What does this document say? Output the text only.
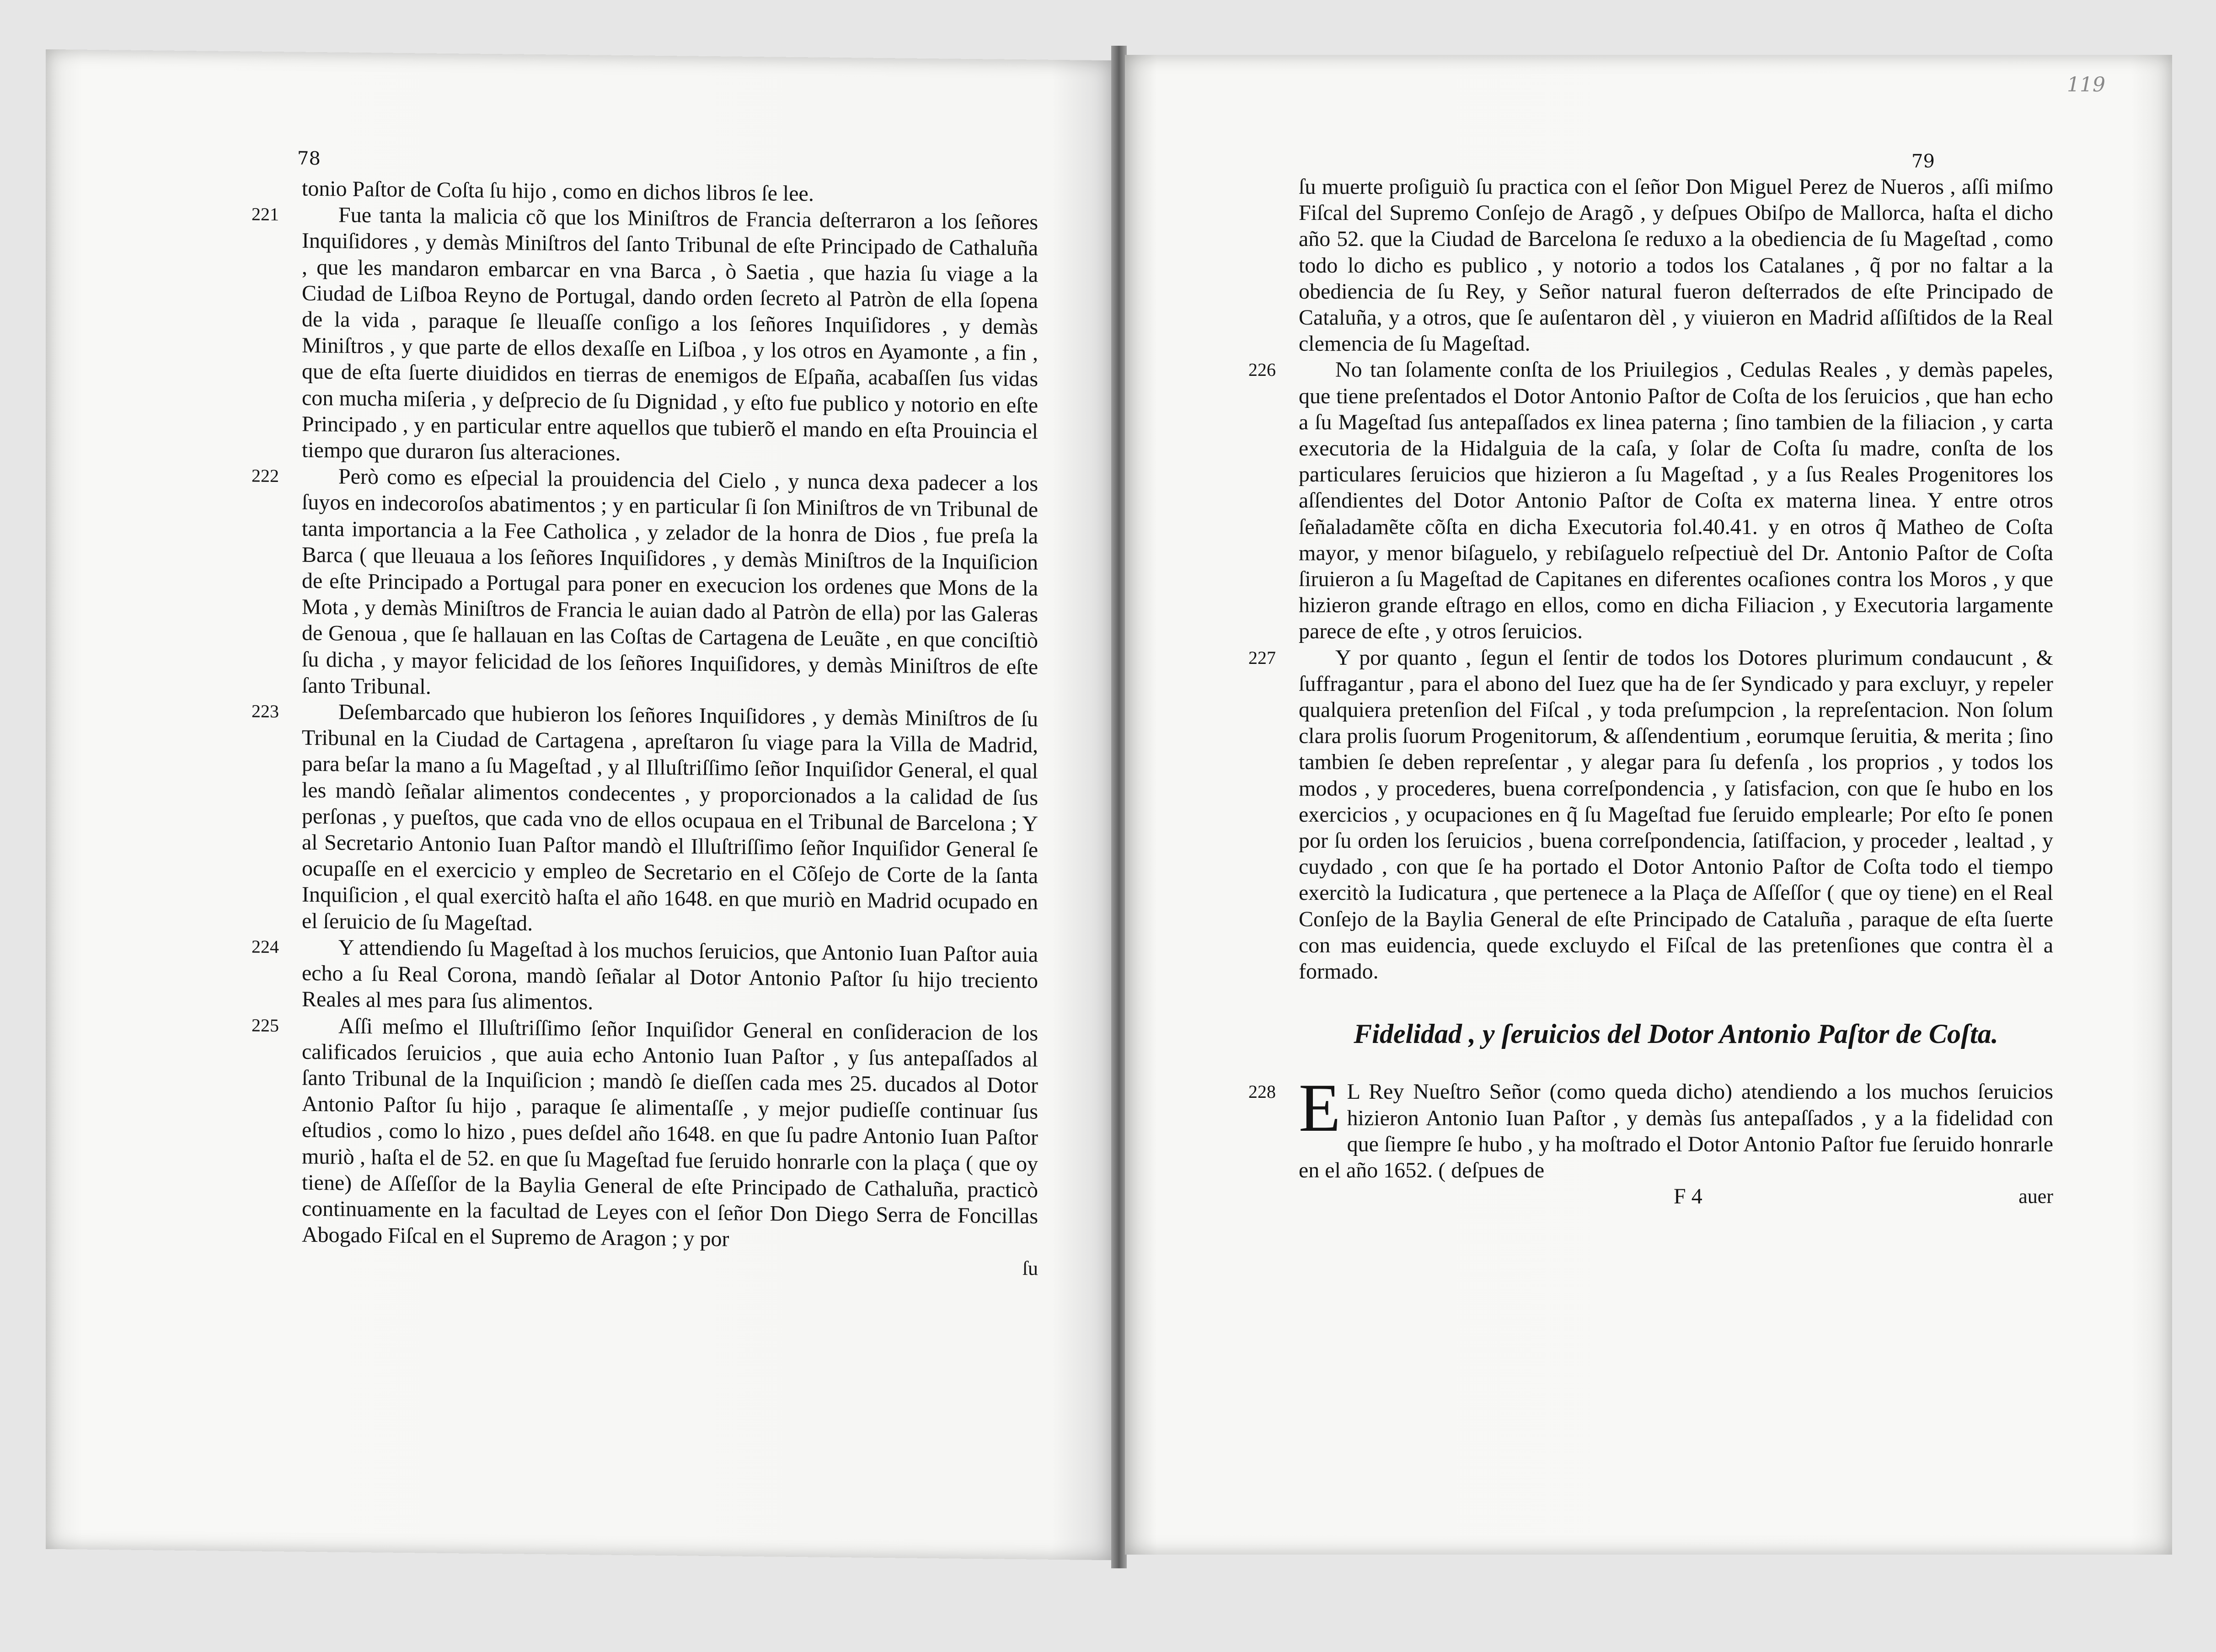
78

tonio Paſtor de Coſta ſu hijo , como en dichos libros ſe lee.

221	Fue tanta la malicia cõ que los Miniſtros de Francia deſterraron a los ſeñores Inquiſidores , y demàs Miniſtros del ſanto Tribunal de eſte Principado de Cathaluña , que les mandaron embarcar en vna Barca , ò Saetia , que hazia ſu viage a la Ciudad de Liſboa Reyno de Portugal, dando orden ſecreto al Patròn de ella ſopena de la vida , paraque ſe lleuaſſe conſigo a los ſeñores Inquiſidores , y demàs Miniſtros , y que parte de ellos dexaſſe en Liſboa , y los otros en Ayamonte , a fin , que de eſta ſuerte diuididos en tierras de enemigos de Eſpaña, acabaſſen ſus vidas con mucha miſeria , y deſprecio de ſu Dignidad , y eſto fue publico y notorio en eſte Principado , y en particular entre aquellos que tubierõ el mando en eſta Prouincia el tiempo que duraron ſus alteraciones.

222	Però como es eſpecial la prouidencia del Cielo , y nunca dexa padecer a los ſuyos en indecoroſos abatimentos ; y en particular ſi ſon Miniſtros de vn Tribunal de tanta importancia a la Fee Catholica , y zelador de la honra de Dios , fue preſa la Barca ( que lleuaua a los ſeñores Inquiſidores , y demàs Miniſtros de la Inquiſicion de eſte Principado a Portugal para poner en execucion los ordenes que Mons de la Mota , y demàs Miniſtros de Francia le auian dado al Patròn de ella) por las Galeras de Genoua , que ſe hallauan en las Coſtas de Cartagena de Leuãte , en que conciſtiò ſu dicha , y mayor felicidad de los ſeñores Inquiſidores, y demàs Miniſtros de eſte ſanto Tribunal.

223	Deſembarcado que hubieron los ſeñores Inquiſidores , y demàs Miniſtros de ſu Tribunal en la Ciudad de Cartagena , apreſtaron ſu viage para la Villa de Madrid, para beſar la mano a ſu Mageſtad , y al Illuſtriſſimo ſeñor Inquiſidor General, el qual les mandò ſeñalar alimentos condecentes , y proporcionados a la calidad de ſus perſonas , y pueſtos, que cada vno de ellos ocupaua en el Tribunal de Barcelona ; Y al Secretario Antonio Iuan Paſtor mandò el Illuſtriſſimo ſeñor Inquiſidor General ſe ocupaſſe en el exercicio y empleo de Secretario en el Cõſejo de Corte de la ſanta Inquiſicion , el qual exercitò haſta el año 1648. en que muriò en Madrid ocupado en el ſeruicio de ſu Mageſtad.

224	Y attendiendo ſu Mageſtad à los muchos ſeruicios, que Antonio Iuan Paſtor auia echo a ſu Real Corona, mandò ſeñalar al Dotor Antonio Paſtor ſu hijo treciento Reales al mes para ſus alimentos.

225	Aſſi meſmo el Illuſtriſſimo ſeñor Inquiſidor General en conſideracion de los calificados ſeruicios , que auia echo Antonio Iuan Paſtor , y ſus antepaſſados al ſanto Tribunal de la Inquiſicion ; mandò ſe dieſſen cada mes 25. ducados al Dotor Antonio Paſtor ſu hijo , paraque ſe alimentaſſe , y mejor pudieſſe continuar ſus eſtudios , como lo hizo , pues deſdel año 1648. en que ſu padre Antonio Iuan Paſtor muriò , haſta el de 52. en que ſu Mageſtad fue ſeruido honrarle con la plaça ( que oy tiene) de Aſſeſſor de la Baylia General de eſte Principado de Cathaluña, practicò continuamente en la facultad de Leyes con el ſeñor Don Diego Serra de Foncillas Abogado Fiſcal en el Supremo de Aragon ; y por

ſu
119
79

ſu muerte proſiguiò ſu practica con el ſeñor Don Miguel Perez de Nueros , aſſi miſmo Fiſcal del Supremo Conſejo de Aragõ , y deſpues Obiſpo de Mallorca, haſta el dicho año 52. que la Ciudad de Barcelona ſe reduxo a la obediencia de ſu Mageſtad , como todo lo dicho es publico , y notorio a todos los Catalanes , q̃ por no faltar a la obediencia de ſu Rey, y Señor natural fueron deſterrados de eſte Principado de Cataluña, y a otros, que ſe auſentaron dèl , y viuieron en Madrid aſſiſtidos de la Real clemencia de ſu Mageſtad.

226	No tan ſolamente conſta de los Priuilegios , Cedulas Reales , y demàs papeles, que tiene preſentados el Dotor Antonio Paſtor de Coſta de los ſeruicios , que han echo a ſu Mageſtad ſus antepaſſados ex linea paterna ; ſino tambien de la filiacion , y carta executoria de la Hidalguia de la caſa, y ſolar de Coſta ſu madre, conſta de los particulares ſeruicios que hizieron a ſu Mageſtad , y a ſus Reales Progenitores los aſſendientes del Dotor Antonio Paſtor de Coſta ex materna linea. Y entre otros ſeñaladamẽte cõſta en dicha Executoria fol.40.41. y en otros q̃ Matheo de Coſta mayor, y menor biſaguelo, y rebiſaguelo reſpectiuè del Dr. Antonio Paſtor de Coſta ſiruieron a ſu Mageſtad de Capitanes en diferentes ocaſiones contra los Moros , y que hizieron grande eſtrago en ellos, como en dicha Filiacion , y Executoria largamente parece de eſte , y otros ſeruicios.

227	Y por quanto , ſegun el ſentir de todos los Dotores plurimum condaucunt , & ſuffragantur , para el abono del Iuez que ha de ſer Syndicado y para excluyr, y repeler qualquiera pretenſion del Fiſcal , y toda preſumpcion , la repreſentacion. Non ſolum clara prolis ſuorum Progenitorum, & aſſendentium , eorumque ſeruitia, & merita ; ſino tambien ſe deben repreſentar , y alegar para ſu defenſa , los proprios , y todos los modos , y procederes, buena correſpondencia , y ſatisfacion, con que ſe hubo en los exercicios , y ocupaciones en q̃ ſu Mageſtad fue ſeruido emplearle; Por eſto ſe ponen por ſu orden los ſeruicios , buena correſpondencia, ſatiſfacion, y proceder , lealtad , y cuydado , con que ſe ha portado el Dotor Antonio Paſtor de Coſta todo el tiempo exercitò la Iudicatura , que pertenece a la Plaça de Aſſeſſor ( que oy tiene) en el Real Conſejo de la Baylia General de eſte Principado de Cataluña , paraque de eſta ſuerte con mas euidencia, quede excluydo el Fiſcal de las pretenſiones que contra èl a formado.

Fidelidad , y ſeruicios del Dotor Antonio Paſtor de Coſta.

228 E L Rey Nueſtro Señor (como queda dicho) atendiendo a los muchos ſeruicios hizieron Antonio Iuan Paſtor , y demàs ſus antepaſſados , y a la fidelidad con que ſiempre ſe hubo , y ha moſtrado el Dotor Antonio Paſtor fue ſeruido honrarle en el año 1652. ( deſpues de

F 4	auer
